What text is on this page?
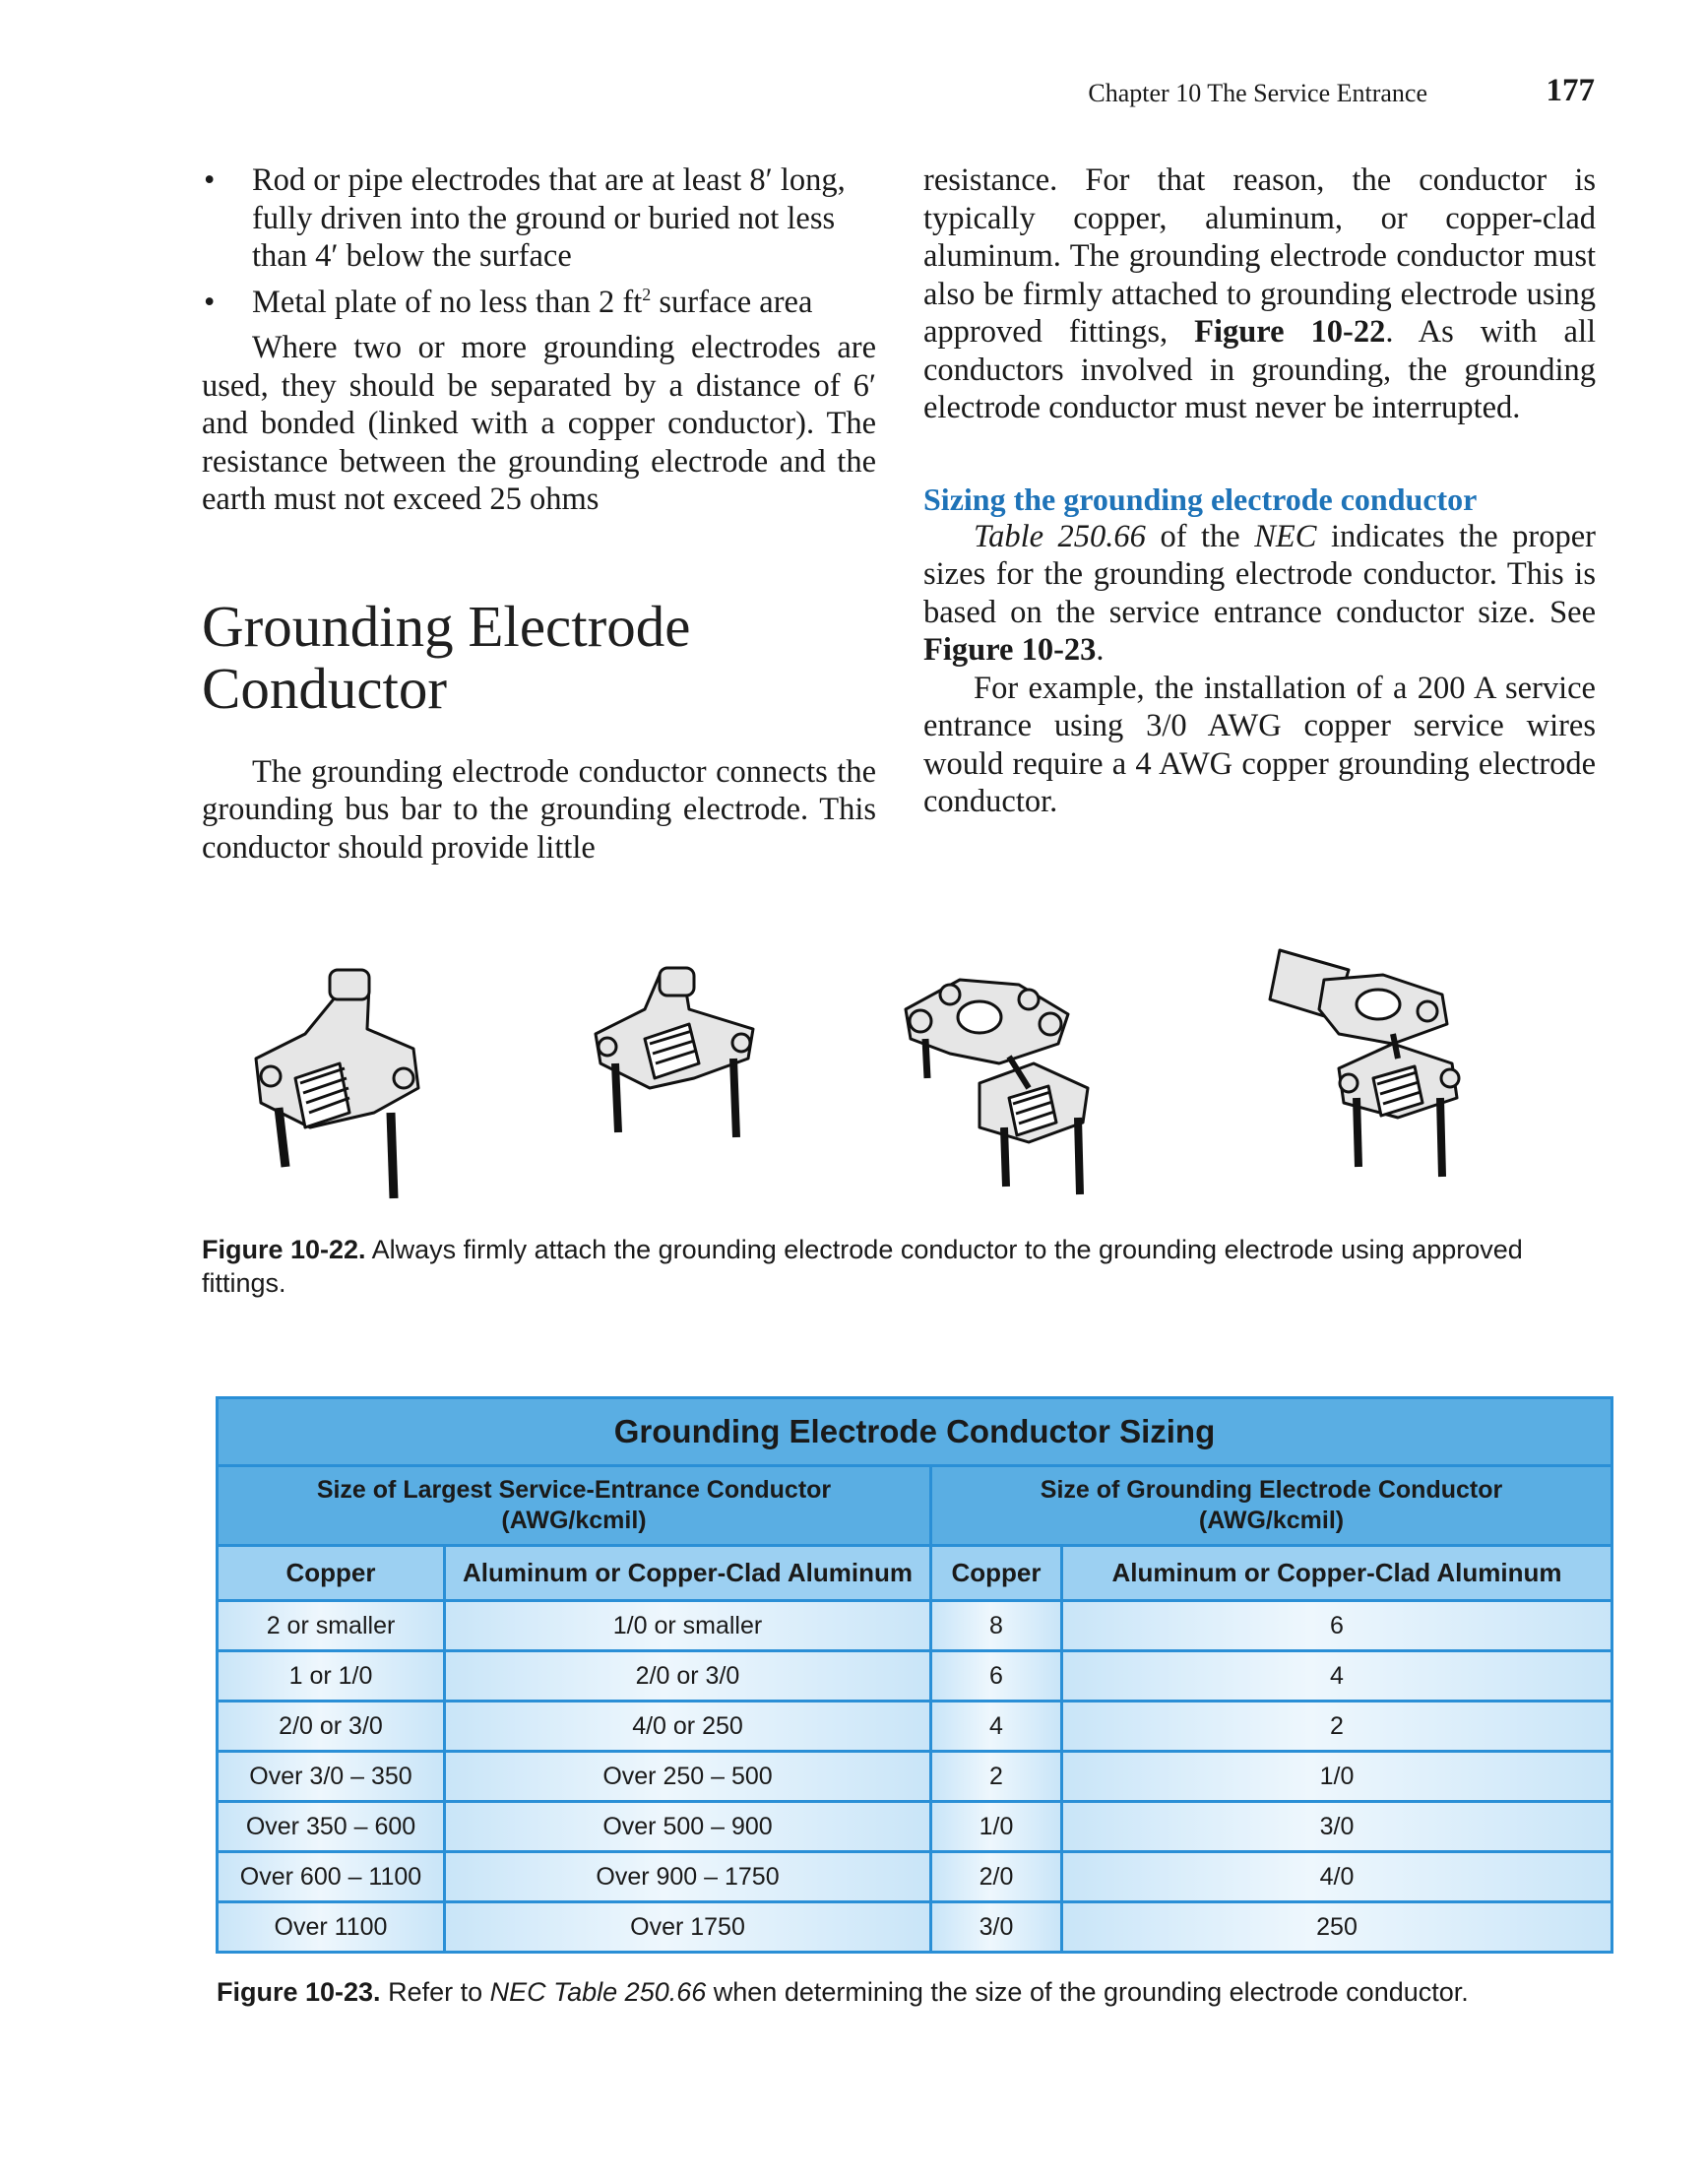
Chapter 10 The Service Entrance	177
• Rod or pipe electrodes that are at least 8′ long, fully driven into the ground or buried not less than 4′ below the surface
• Metal plate of no less than 2 $ft^2$ surface area

Where two or more grounding electrodes are used, they should be separated by a distance of 6′ and bonded (linked with a copper conductor). The resistance between the grounding electrode and the earth must not exceed 25 ohms

Grounding Electrode Conductor

The grounding electrode conductor connects the grounding bus bar to the grounding electrode. This conductor should provide little

resistance. For that reason, the conductor is typically copper, aluminum, or copper-clad aluminum. The grounding electrode conductor must also be firmly attached to grounding electrode using approved fittings, Figure 10-22. As with all conductors involved in grounding, the grounding electrode conductor must never be interrupted.

Sizing the grounding electrode conductor

Table 250.66 of the NEC indicates the proper sizes for the grounding electrode conductor. This is based on the service entrance conductor size. See Figure 10-23.

For example, the installation of a 200 A service entrance using 3/0 AWG copper service wires would require a 4 AWG copper grounding electrode conductor.

Figure 10-22. Always firmly attach the grounding electrode conductor to the grounding electrode using approved fittings.
Grounding Electrode Conductor Sizing			
Size of Largest Service-Entrance Conductor
(AWG/kcmil)		Size of Grounding Electrode Conductor
(AWG/kcmil)	
Copper	Aluminum or Copper-Clad Aluminum	Copper	Aluminum or Copper-Clad Aluminum
2 or smaller	1/0 or smaller	8	6
1 or 1/0	2/0 or 3/0	6	4
2/0 or 3/0	4/0 or 250	4	2
Over 3/0 – 350	Over 250 – 500	2	1/0
Over 350 – 600	Over 500 – 900	1/0	3/0
Over 600 – 1100	Over 900 – 1750	2/0	4/0
Over 1100	Over 1750	3/0	250
Figure 10-23. Refer to NEC Table 250.66 when determining the size of the grounding electrode conductor.
